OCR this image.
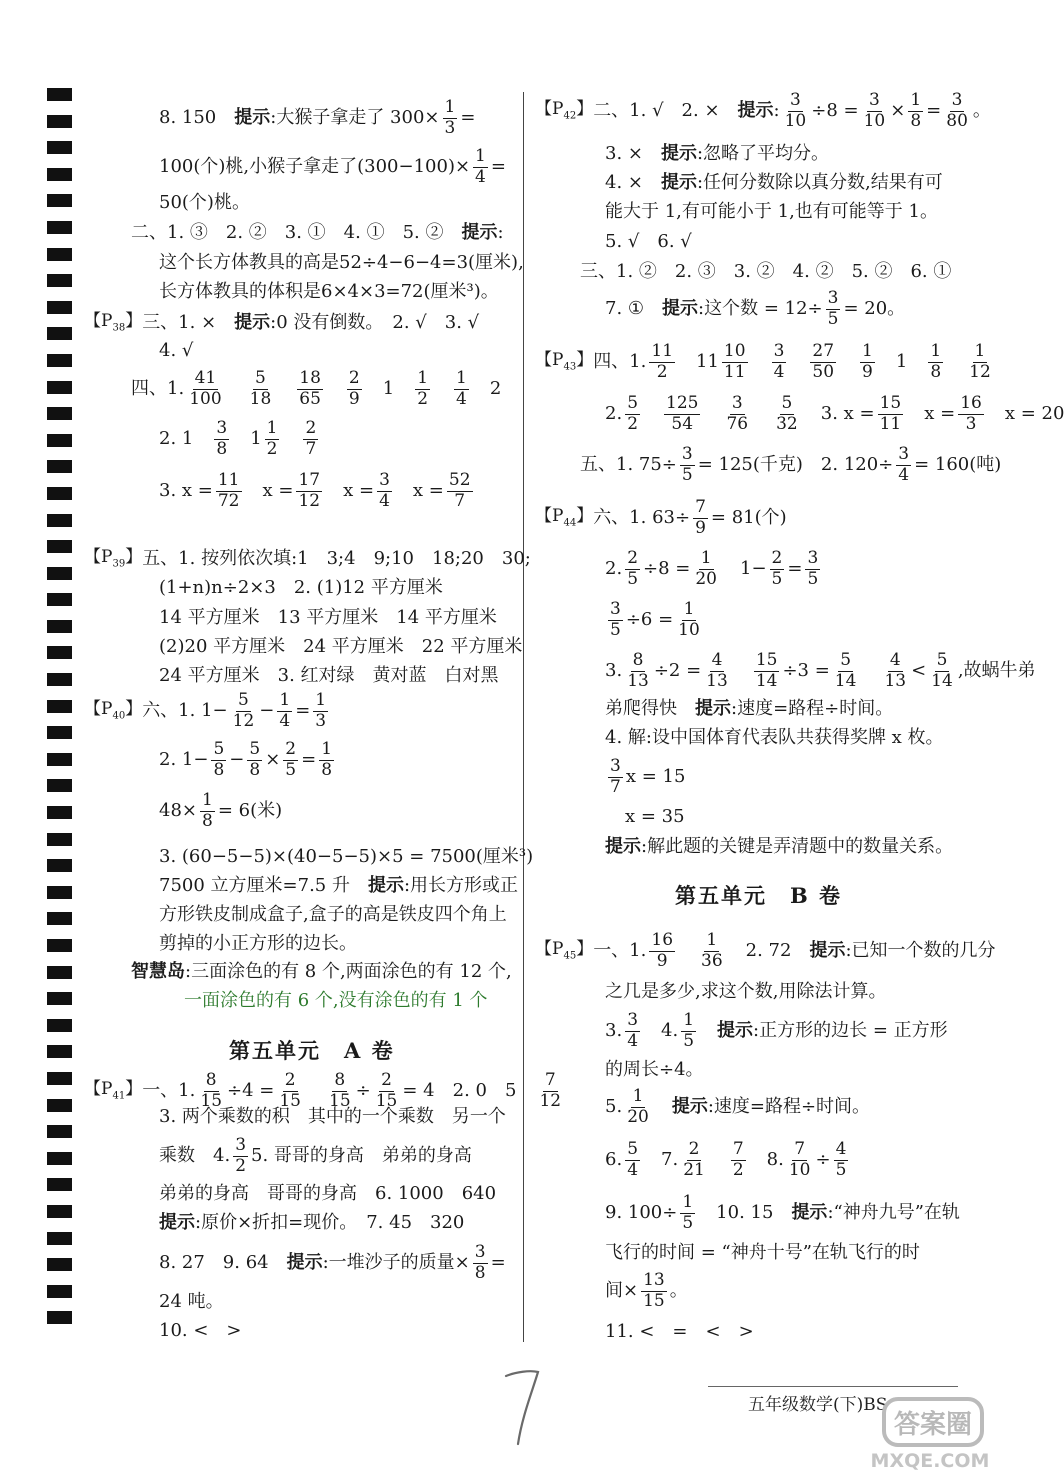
8. 150　 提示 :大猴子拿走了 $300\times \frac{1}{3}$ =
100(个)桃,小猴子拿走了$(300-100)\times \frac{1}{4}$ =
50(个)桃。
二、1. ③　2. ②　3. ①　4. ①　5. ②　 提示 :
这个长方体教具的高是52÷4−6−4=3(厘米),
长方体教具的体积是6×4×3=72(厘米³)。
【$P_{38}$】 三、1. ×　 提示 :0 没有倒数。　2. √　3. √
4. √
四、1. $\frac{41}{100} \frac{5}{18} \frac{18}{65} \frac{2}{9} 1 \frac{1}{2} \frac{1}{4} 2$
2. $1 \frac{3}{8} 1 \frac{1}{2} \frac{2}{7}$
3. $x = \frac{11}{72}$ $x = \frac{17}{12}$ $x = \frac{3}{4}$ $x = \frac{52}{7}$
【$P_{39}$】 五、1. 按列依次填:1　3;4　9;10　18;20　30;
(1+n)n÷2×3　2. (1)12 平方厘米
14 平方厘米　13 平方厘米　14 平方厘米
(2)20 平方厘米　24 平方厘米　22 平方厘米
24 平方厘米　3. 红对绿　黄对蓝　白对黑
【$P_{40}$】 六、1. $1- \frac{5}{12} - \frac{1}{4} = \frac{1}{3}$
2. $1- \frac{5}{8} - \frac{5}{8} \times \frac{2}{5} = \frac{1}{8}$
$48\times \frac{1}{8} = 6$(米)
3. (60−5−5)×(40−5−5)×5 = 7500(厘米³)
7500 立方厘米=7.5 升　 提示 :用长方形或正
方形铁皮制成盒子,盒子的高是铁皮四个角上
剪掉的小正方形的边长。
智慧岛 :三面涂色的有 8 个,两面涂色的有 12 个,
一面涂色的有 6 个,没有涂色的有 1 个
第五单元　A 卷
【$P_{41}$】 一、1. $\frac{8}{15} \div 4 = \frac{2}{15} \frac{8}{15} \div \frac{2}{15} = 4$　2. 0　$5 \frac{7}{12}$
3. 两个乘数的积　其中的一个乘数　另一个
乘数　4. $\frac{3}{2} 5$. 哥哥的身高　弟弟的身高
弟弟的身高　哥哥的身高　6. 1000　640
提示 :原价×折扣=现价。　7. 45　320
8. 27　9. 64　 提示 :一堆沙子的质量× $\frac{3}{8}$ =
24 吨。
10. <　>
【$P_{42}$】 二、1. √　2. ×　 提示 : $\frac{3}{10} \div 8 = \frac{3}{10} \times \frac{1}{8} = \frac{3}{80}$ 。
3. ×　 提示 :忽略了平均分。
4. ×　 提示 :任何分数除以真分数,结果有可
能大于 1,有可能小于 1,也有可能等于 1。
5. √　6. √
三、1. ②　2. ③　3. ②　4. ②　5. ②　6. ①
7. ①　 提示 :这个数 = $12\div \frac{3}{5} = 20$。
【$P_{43}$】 四、1. $\frac{11}{2} 11 \frac{10}{11} \frac{3}{4} \frac{27}{50} \frac{1}{9} 1 \frac{1}{8} \frac{1}{12}$
2. $\frac{5}{2} \frac{125}{54} \frac{3}{76} \frac{5}{32} 3$. $x = \frac{15}{11}$ $x = \frac{16}{3}$ x = 20
五、1. $75\div \frac{3}{5} = 125$(千克)　2. $120\div \frac{3}{4} = 160$(吨)
【$P_{44}$】 六、1. $63\div \frac{7}{9} = 81$(个)
2. $\frac{2}{5} \div 8 = \frac{1}{20} 1- \frac{2}{5} = \frac{3}{5}$
$\frac{3}{5} \div 6 = \frac{1}{10}$
3. $\frac{8}{13} \div 2 = \frac{4}{13} \frac{15}{14} \div 3 = \frac{5}{14} \frac{4}{13} < \frac{5}{14}$ ,故蜗牛弟
弟爬得快　 提示 :速度=路程÷时间。
4. 解:设中国体育代表队共获得奖牌 x 枚。
$\frac{3}{7}$ x = 15
x = 35
提示 :解此题的关键是弄清题中的数量关系。
第五单元　B 卷
【$P_{45}$】 一、1. $\frac{16}{9} \frac{1}{36} 2$. 72　 提示 :已知一个数的几分
之几是多少,求这个数,用除法计算。
3. $\frac{3}{4} 4$. $\frac{1}{5}$ 提示 :正方形的边长 = 正方形
的周长÷4。
5. $\frac{1}{20}$ 提示 :速度=路程÷时间。
6. $\frac{5}{4} 7$. $\frac{2}{21} \frac{7}{2} 8$. $\frac{7}{10} \div \frac{4}{5}$
9. $100\div \frac{1}{5} 10$. 15　 提示 :“神舟九号”在轨
飞行的时间 = “神舟十号”在轨飞行的时
间× $\frac{13}{15}$ 。
11. <　=　<　>
五年级数学(下)BS
答案圈
MXQE.COM
